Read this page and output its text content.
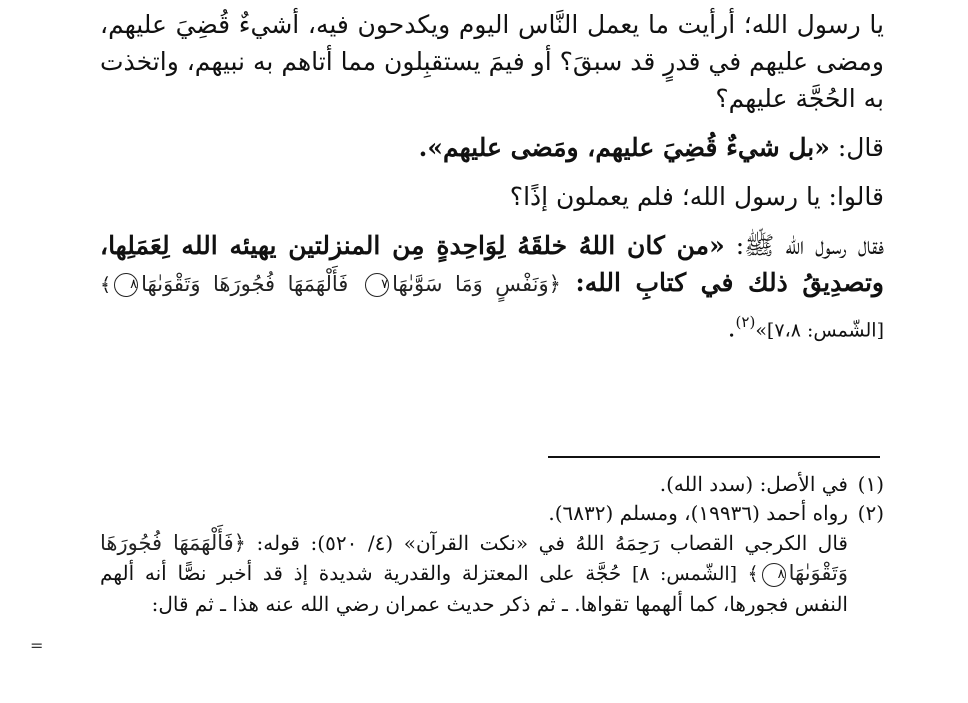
يا رسول الله؛ أرأيت ما يعمل النَّاس اليوم ويكدحون فيه، أشيءٌ قُضِيَ عليهم، ومضى عليهم في قدرٍ قد سبقَ؟ أو فيمَ يستقبِلون مما أتاهم به نبيهم، واتخذت به الحُجَّة عليهم؟

قال: «بل شيءٌ قُضِيَ عليهم، ومَضى عليهم».

قالوا: يا رسول الله؛ فلم يعملون إذًا؟

فقال رسول الله ﷺ: «من كان اللهُ خلقَهُ لِوَاحِدةٍ مِن المنزلتين يهيئه الله لِعَمَلِها، وتصدِيقُ ذلك في كتابِ الله: ﴿وَنَفْسٍ وَمَا سَوَّىٰهَا٧ فَأَلْهَمَهَا فُجُورَهَا وَتَقْوَىٰهَا٨﴾ [الشّمس: ٧،٨]»$^{(٢)}$.

(١)في الأصل: (سدد الله).

(٢)رواه أحمد (١٩٩٣٦)، ومسلم (٦٨٣٢).

قال الكرجي القصاب رَحِمَهُ اللهُ في «نكت القرآن» (٤/ ٥٢٠): قوله: ﴿فَأَلْهَمَهَا فُجُورَهَا وَتَقْوَىٰهَا٨﴾ [الشّمس: ٨] حُجَّة على المعتزلة والقدرية شديدة إذ قد أخبر نصًّا أنه ألهم النفس فجورها، كما ألهمها تقواها. ـ ثم ذكر حديث عمران رضي الله عنه هذا ـ ثم قال:

=
